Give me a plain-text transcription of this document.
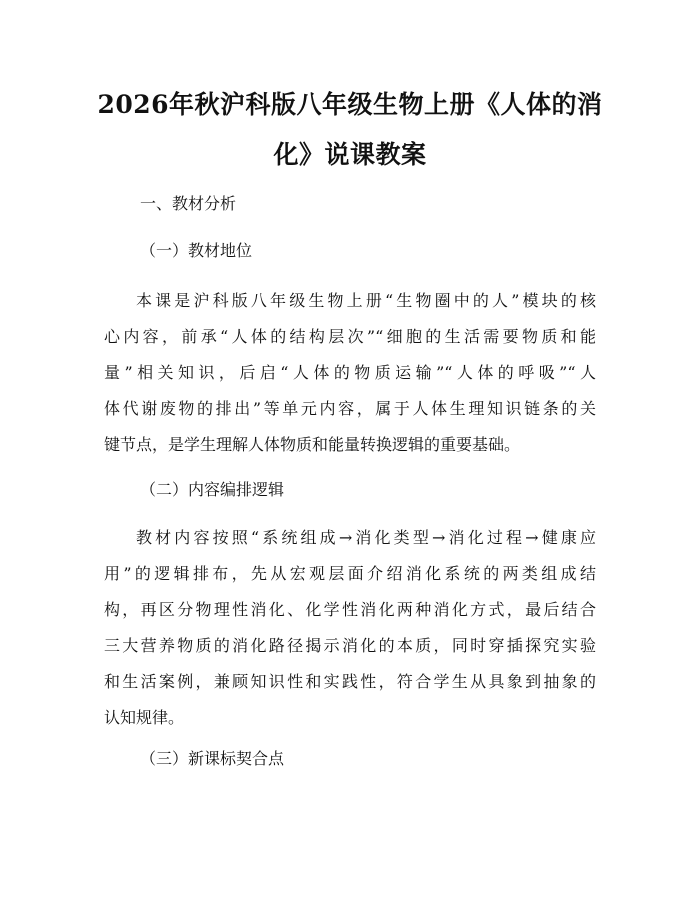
2026年秋沪科版八年级生物上册《人体的消
化》说课教案
一、教材分析
（一）教材地位
本课是沪科版八年级生物上册“生物圈中的人”模块的核
心内容，前承“人体的结构层次”“细胞的生活需要物质和能
量”相关知识，后启“人体的物质运输”“人体的呼吸”“人
体代谢废物的排出”等单元内容，属于人体生理知识链条的关
键节点，是学生理解人体物质和能量转换逻辑的重要基础。
（二）内容编排逻辑
教材内容按照“系统组成→消化类型→消化过程→健康应
用”的逻辑排布，先从宏观层面介绍消化系统的两类组成结
构，再区分物理性消化、化学性消化两种消化方式，最后结合
三大营养物质的消化路径揭示消化的本质，同时穿插探究实验
和生活案例，兼顾知识性和实践性，符合学生从具象到抽象的
认知规律。
（三）新课标契合点
